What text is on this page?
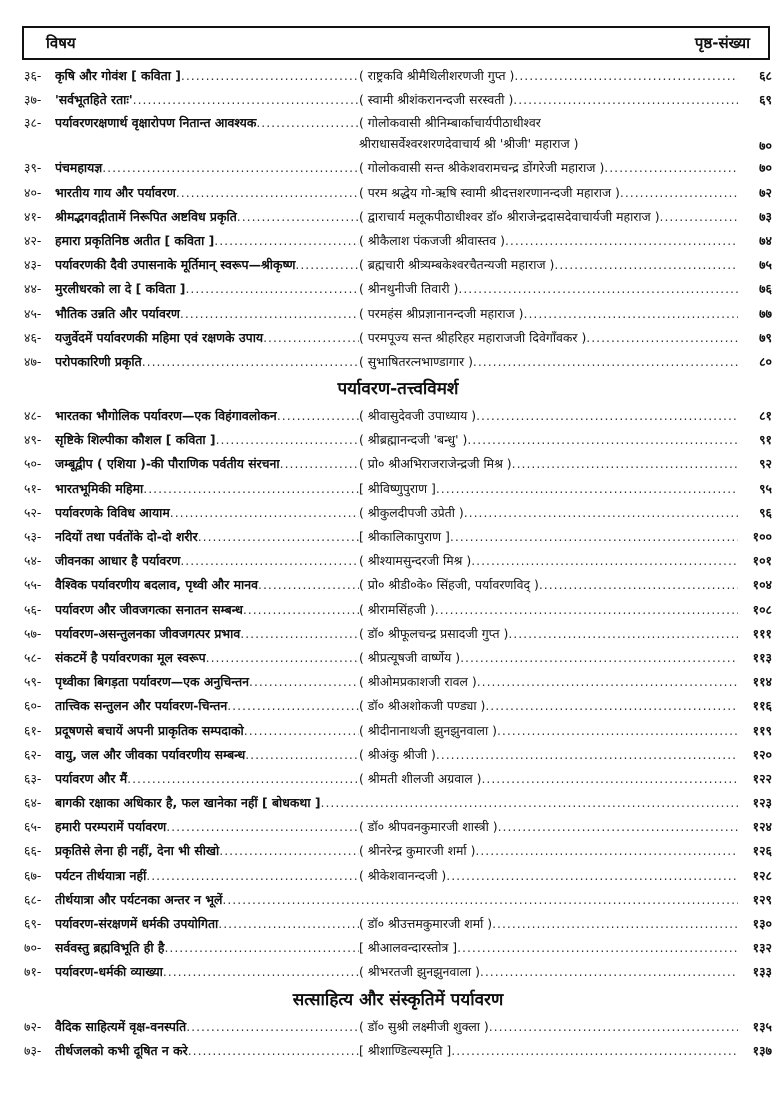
विषय	पृष्ठ-संख्या
३६-	कृषि और गोवंश [ कविता ] .....	( राष्ट्रकवि श्रीमैथिलीशरणजी गुप्त ) .....	६८
३७-	'सर्वभूतहिते रताः' .....	( स्वामी श्रीशंकरानन्दजी सरस्वती ) .....	६९
३८-	पर्यावरणरक्षणार्थ वृक्षारोपण नितान्त आवश्यक .....	( गोलोकवासी श्रीनिम्बार्काचार्यपीठाधीश्वर
श्रीराधासर्वेश्वरशरणदेवाचार्य श्री 'श्रीजी' महाराज )	७०
३९-	पंचमहायज्ञ .....	( गोलोकवासी सन्त श्रीकेशवरामचन्द्र डोंगरेजी महाराज ) .....	७०
४०-	भारतीय गाय और पर्यावरण .....	( परम श्रद्धेय गो-ऋषि स्वामी श्रीदत्तशरणानन्दजी महाराज ) .....	७२
४१-	श्रीमद्भगवद्गीतामें निरूपित अष्टविध प्रकृति .....	( द्वाराचार्य मलूकपीठाधीश्वर डॉ० श्रीराजेन्द्रदासदेवाचार्यजी महाराज ) .....	७३
४२-	हमारा प्रकृतिनिष्ठ अतीत [ कविता ] .....	( श्रीकैलाश पंकजजी श्रीवास्तव ) .....	७४
४३-	पर्यावरणकी दैवी उपासनाके मूर्तिमान् स्वरूप—श्रीकृष्ण .....	( ब्रह्मचारी श्रीत्र्यम्बकेश्वरचैतन्यजी महाराज ) .....	७५
४४-	मुरलीधरको ला दे [ कविता ] .....	( श्रीनथुनीजी तिवारी ) .....	७६
४५-	भौतिक उन्नति और पर्यावरण .....	( परमहंस श्रीप्रज्ञानानन्दजी महाराज ) .....	७७
४६-	यजुर्वेदमें पर्यावरणकी महिमा एवं रक्षणके उपाय .....	( परमपूज्य सन्त श्रीहरिहर महाराजजी दिवेगाँवकर ) .....	७९
४७-	परोपकारिणी प्रकृति .....	( सुभाषितरत्नभाण्डागार ) .....	८०
पर्यावरण-तत्त्वविमर्श
४८-	भारतका भौगोलिक पर्यावरण—एक विहंगावलोकन .....	( श्रीवासुदेवजी उपाध्याय ) .....	८१
४९-	सृष्टिके शिल्पीका कौशल [ कविता ] .....	( श्रीब्रह्मानन्दजी 'बन्धु' ) .....	९१
५०-	जम्बूद्वीप ( एशिया )-की पौराणिक पर्वतीय संरचना .....	( प्रो० श्रीअभिराजराजेन्द्रजी मिश्र ) .....	९२
५१-	भारतभूमिकी महिमा .....	[ श्रीविष्णुपुराण ] .....	९५
५२-	पर्यावरणके विविध आयाम .....	( श्रीकुलदीपजी उप्रेती ) .....	९६
५३-	नदियों तथा पर्वतोंके दो-दो शरीर .....	[ श्रीकालिकापुराण ] .....	१००
५४-	जीवनका आधार है पर्यावरण .....	( श्रीश्यामसुन्दरजी मिश्र ) .....	१०१
५५-	वैश्विक पर्यावरणीय बदलाव, पृथ्वी और मानव .....	( प्रो० श्रीडी०के० सिंहजी, पर्यावरणविद् ) .....	१०४
५६-	पर्यावरण और जीवजगत्का सनातन सम्बन्ध .....	( श्रीरामसिंहजी ) .....	१०८
५७-	पर्यावरण-असन्तुलनका जीवजगत्पर प्रभाव .....	( डॉ० श्रीफूलचन्द्र प्रसादजी गुप्त ) .....	१११
५८-	संकटमें है पर्यावरणका मूल स्वरूप .....	( श्रीप्रत्यूषजी वार्ष्णेय ) .....	११३
५९-	पृथ्वीका बिगड़ता पर्यावरण—एक अनुचिन्तन .....	( श्रीओमप्रकाशजी रावल ) .....	११४
६०-	तात्त्विक सन्तुलन और पर्यावरण-चिन्तन .....	( डॉ० श्रीअशोकजी पण्ड्या ) .....	११६
६१-	प्रदूषणसे बचायें अपनी प्राकृतिक सम्पदाको .....	( श्रीदीनानाथजी झुनझुनवाला ) .....	११९
६२-	वायु, जल और जीवका पर्यावरणीय सम्बन्ध .....	( श्रीअंकु श्रीजी ) .....	१२०
६३-	पर्यावरण और मैं .....	( श्रीमती शीलजी अग्रवाल ) .....	१२२
६४-	बागकी रक्षाका अधिकार है, फल खानेका नहीं [ बोधकथा ] .....	१२३
६५-	हमारी परम्परामें पर्यावरण .....	( डॉ० श्रीपवनकुमारजी शास्त्री ) .....	१२४
६६-	प्रकृतिसे लेना ही नहीं, देना भी सीखो .....	( श्रीनरेन्द्र कुमारजी शर्मा ) .....	१२६
६७-	पर्यटन तीर्थयात्रा नहीं .....	( श्रीकेशवानन्दजी ) .....	१२८
६८-	तीर्थयात्रा और पर्यटनका अन्तर न भूलें .....	१२९
६९-	पर्यावरण-संरक्षणमें धर्मकी उपयोगिता .....	( डॉ० श्रीउत्तमकुमारजी शर्मा ) .....	१३०
७०-	सर्ववस्तु ब्रह्मविभूति ही है .....	[ श्रीआलवन्दारस्तोत्र ] .....	१३२
७१-	पर्यावरण-धर्मकी व्याख्या .....	( श्रीभरतजी झुनझुनवाला ) .....	१३३
सत्साहित्य और संस्कृतिमें पर्यावरण
७२-	वैदिक साहित्यमें वृक्ष-वनस्पति .....	( डॉ० सुश्री लक्ष्मीजी शुक्ला ) .....	१३५
७३-	तीर्थजलको कभी दूषित न करे .....	[ श्रीशाण्डिल्यस्मृति ] .....	१३७
